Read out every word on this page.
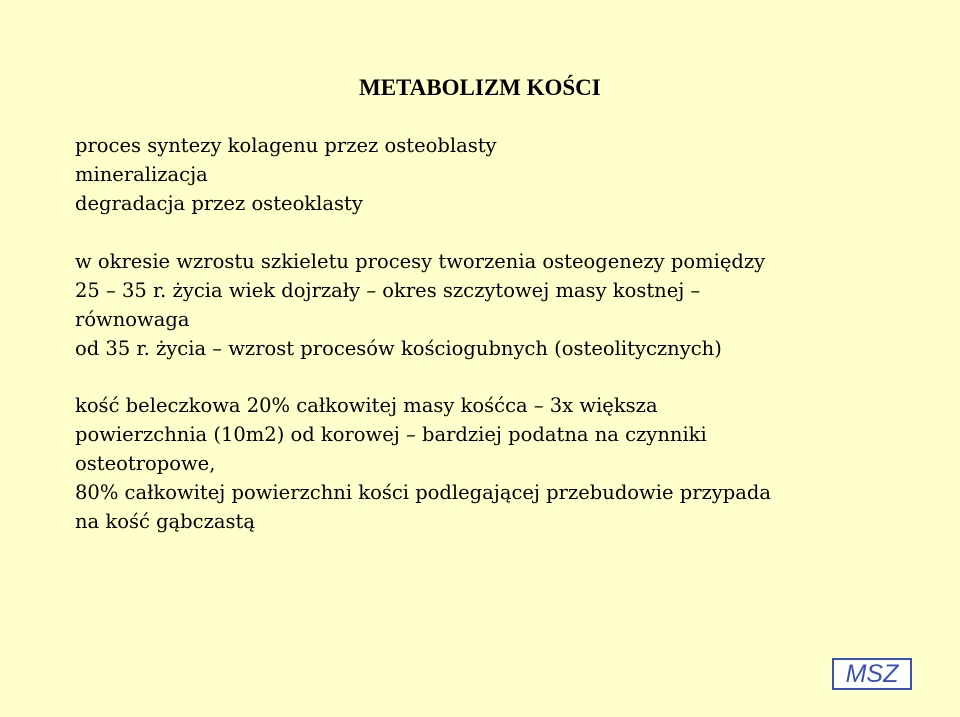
METABOLIZM KOŚCI
proces syntezy kolagenu przez osteoblasty
mineralizacja
degradacja przez osteoklasty
w okresie wzrostu szkieletu procesy tworzenia osteogenezy pomiędzy
25 – 35 r. życia wiek dojrzały – okres szczytowej masy kostnej –
równowaga
od 35 r. życia – wzrost procesów kościogubnych (osteolitycznych)
kość beleczkowa 20% całkowitej masy kośćca – 3x większa
powierzchnia (10m2) od korowej – bardziej podatna na czynniki
osteotropowe,
80% całkowitej powierzchni kości podlegającej przebudowie przypada
na kość gąbczastą
MSZ
